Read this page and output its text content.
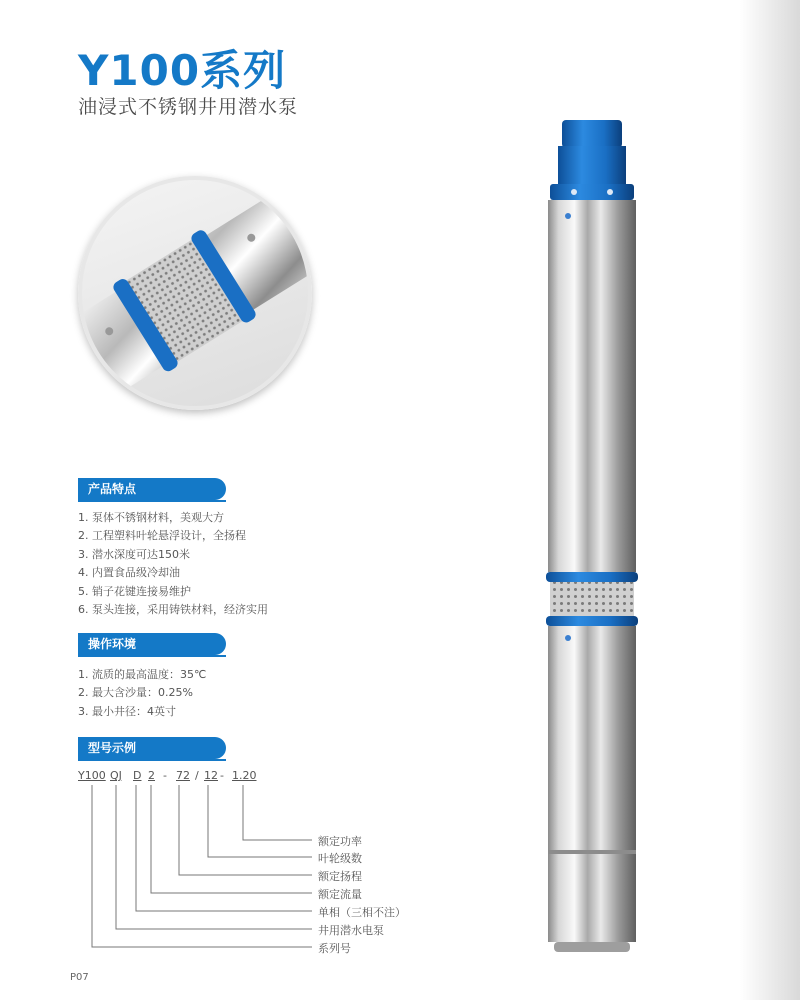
Y100系列
油浸式不锈钢井用潜水泵
产品特点
1. 泵体不锈钢材料，美观大方
2. 工程塑料叶轮悬浮设计，全扬程
3. 潜水深度可达150米
4. 内置食品级冷却油
5. 销子花键连接易维护
6. 泵头连接，采用铸铁材料，经济实用
操作环境
1. 流质的最高温度：35℃
2. 最大含沙量：0.25%
3. 最小井径：4英寸
型号示例
Y100 QJ D 2 - 72 / 12 - 1.20
额定功率
叶轮级数
额定扬程
额定流量
单相（三相不注）
井用潜水电泵
系列号
P07
